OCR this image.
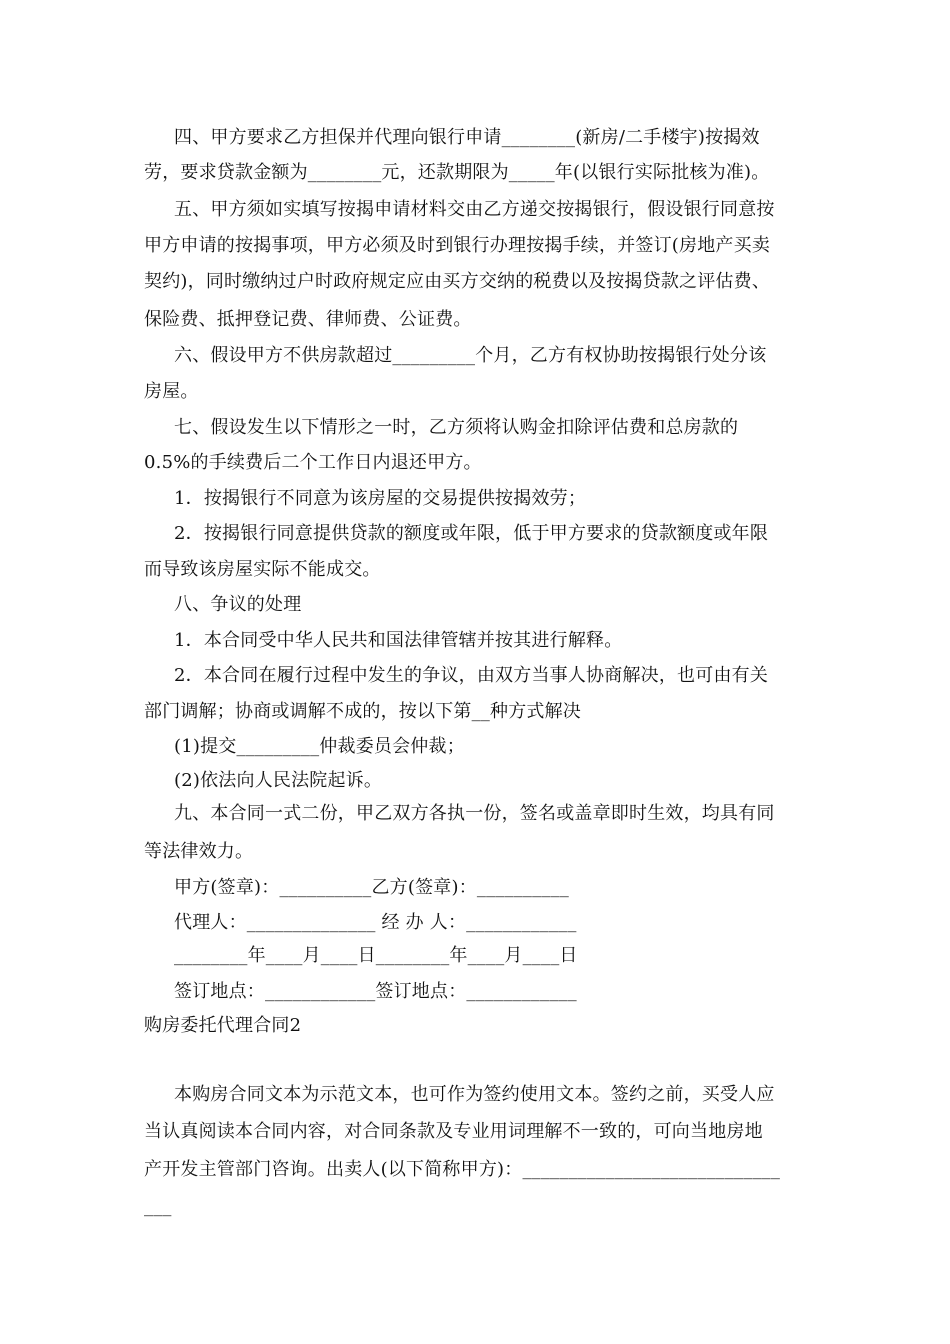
四、甲方要求乙方担保并代理向银行申请________(新房/二手楼宇)按揭效
劳，要求贷款金额为________元，还款期限为_____年(以银行实际批核为准)。
五、甲方须如实填写按揭申请材料交由乙方递交按揭银行，假设银行同意按
甲方申请的按揭事项，甲方必须及时到银行办理按揭手续，并签订(房地产买卖
契约)，同时缴纳过户时政府规定应由买方交纳的税费以及按揭贷款之评估费、
保险费、抵押登记费、律师费、公证费。
六、假设甲方不供房款超过_________个月，乙方有权协助按揭银行处分该
房屋。
七、假设发生以下情形之一时，乙方须将认购金扣除评估费和总房款的
0.5%的手续费后二个工作日内退还甲方。
1．按揭银行不同意为该房屋的交易提供按揭效劳；
2．按揭银行同意提供贷款的额度或年限，低于甲方要求的贷款额度或年限
而导致该房屋实际不能成交。
八、争议的处理
1．本合同受中华人民共和国法律管辖并按其进行解释。
2．本合同在履行过程中发生的争议，由双方当事人协商解决，也可由有关
部门调解；协商或调解不成的，按以下第__种方式解决
(1)提交_________仲裁委员会仲裁；
(2)依法向人民法院起诉。
九、本合同一式二份，甲乙双方各执一份，签名或盖章即时生效，均具有同
等法律效力。
甲方(签章)：__________乙方(签章)：__________
代理人：______________ 经 办 人：____________
________年____月____日________年____月____日
签订地点：____________签订地点：____________
购房委托代理合同2
本购房合同文本为示范文本，也可作为签约使用文本。签约之前，买受人应
当认真阅读本合同内容，对合同条款及专业用词理解不一致的，可向当地房地
产开发主管部门咨询。出卖人(以下简称甲方)：____________________________
___
